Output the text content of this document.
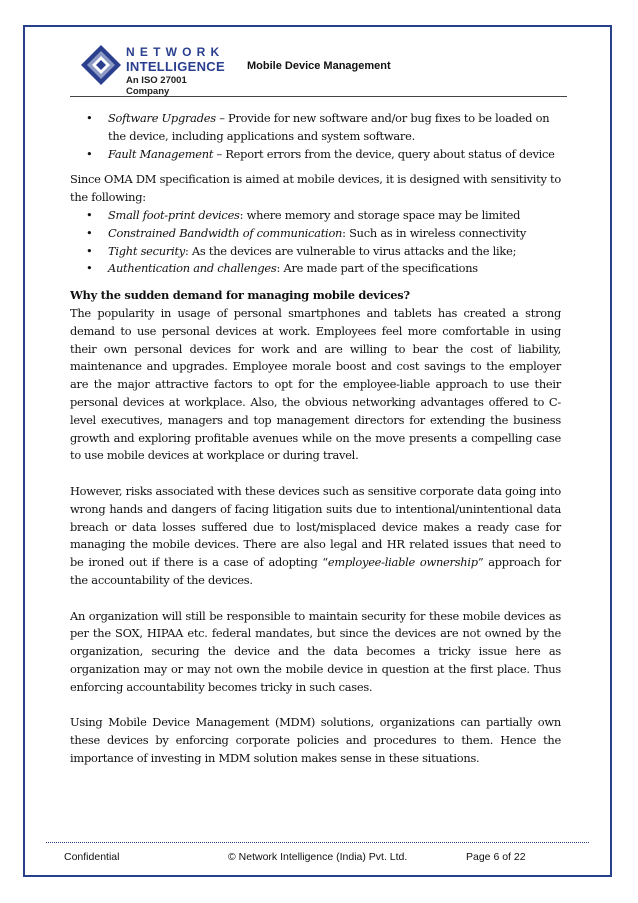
NETWORK
INTELLIGENCE
An ISO 27001 Company
Mobile Device Management
• Software Upgrades – Provide for new software and/or bug fixes to be loaded on the device, including applications and system software.
• Fault Management – Report errors from the device, query about status of device

Since OMA DM specification is aimed at mobile devices, it is designed with sensitivity to the following:

• Small foot-print devices: where memory and storage space may be limited
• Constrained Bandwidth of communication: Such as in wireless connectivity
• Tight security: As the devices are vulnerable to virus attacks and the like;
• Authentication and challenges: Are made part of the specifications
Why the sudden demand for managing mobile devices?

The popularity in usage of personal smartphones and tablets has created a strong demand to use personal devices at work. Employees feel more comfortable in using their own personal devices for work and are willing to bear the cost of liability, maintenance and upgrades. Employee morale boost and cost savings to the employer are the major attractive factors to opt for the employee-liable approach to use their personal devices at workplace. Also, the obvious networking advantages offered to C-level executives, managers and top management directors for extending the business growth and exploring profitable avenues while on the move presents a compelling case to use mobile devices at workplace or during travel.

However, risks associated with these devices such as sensitive corporate data going into wrong hands and dangers of facing litigation suits due to intentional/unintentional data breach or data losses suffered due to lost/misplaced device makes a ready case for managing the mobile devices. There are also legal and HR related issues that need to be ironed out if there is a case of adopting “employee-liable ownership” approach for the accountability of the devices.

An organization will still be responsible to maintain security for these mobile devices as per the SOX, HIPAA etc. federal mandates, but since the devices are not owned by the organization, securing the device and the data becomes a tricky issue here as organization may or may not own the mobile device in question at the first place. Thus enforcing accountability becomes tricky in such cases.

Using Mobile Device Management (MDM) solutions, organizations can partially own these devices by enforcing corporate policies and procedures to them. Hence the importance of investing in MDM solution makes sense in these situations.

Confidential	© Network Intelligence (India) Pvt. Ltd.	Page 6 of 22
